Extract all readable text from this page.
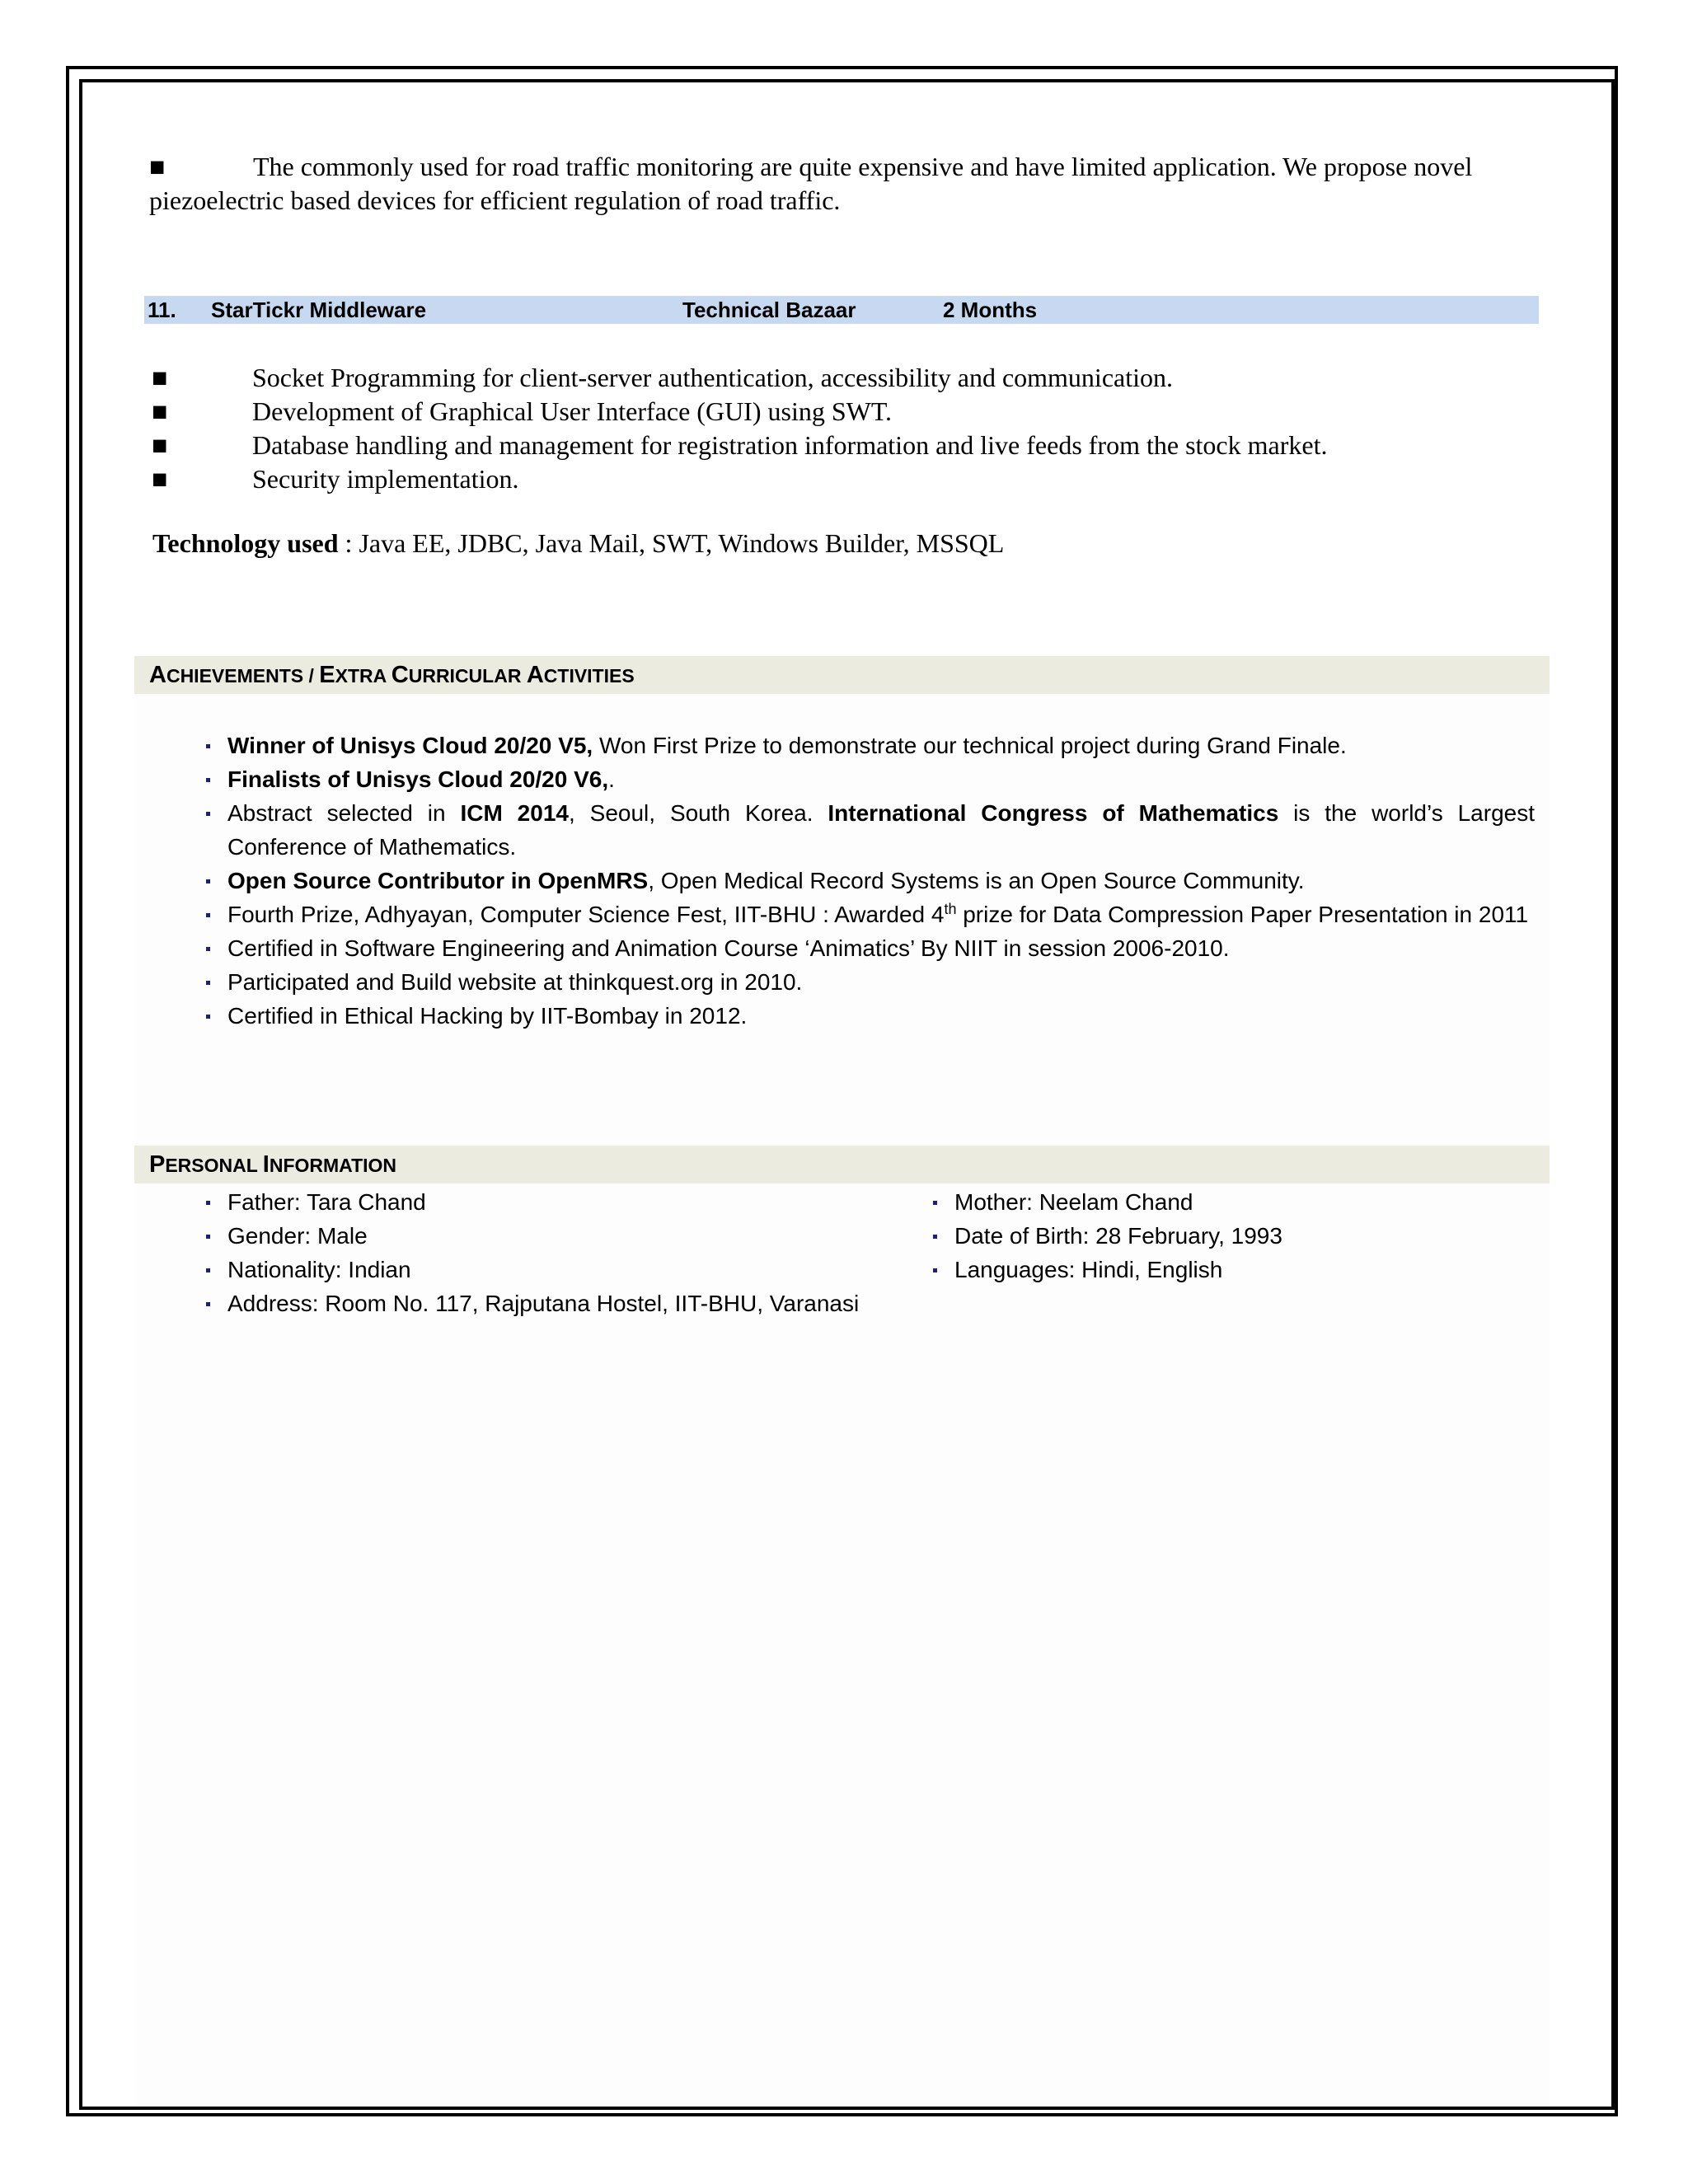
■	The commonly used for road traffic monitoring are quite expensive and have limited application. We propose novel piezoelectric based devices for efficient regulation of road traffic.
11. StarTickr Middleware	Technical Bazaar	2 Months
■	Socket Programming for client-server authentication, accessibility and communication.
■	Development of Graphical User Interface (GUI) using SWT.
■	Database handling and management for registration information and live feeds from the stock market.
■	Security implementation.
Technology used : Java EE, JDBC, Java Mail, SWT, Windows Builder, MSSQL
ACHIEVEMENTS / EXTRA CURRICULAR ACTIVITIES
Winner of Unisys Cloud 20/20 V5, Won First Prize to demonstrate our technical project during Grand Finale.
Finalists of Unisys Cloud 20/20 V6,.
Abstract selected in ICM 2014, Seoul, South Korea. International Congress of Mathematics is the world’s Largest Conference of Mathematics.
Open Source Contributor in OpenMRS, Open Medical Record Systems is an Open Source Community.
Fourth Prize, Adhyayan, Computer Science Fest, IIT-BHU : Awarded 4th prize for Data Compression Paper Presentation in 2011
Certified in Software Engineering and Animation Course ‘Animatics’ By NIIT in session 2006-2010.
Participated and Build website at thinkquest.org in 2010.
Certified in Ethical Hacking by IIT-Bombay in 2012.
PERSONAL INFORMATION
Father: Tara Chand
Gender: Male
Nationality: Indian
Address: Room No. 117, Rajputana Hostel, IIT-BHU, Varanasi
Mother: Neelam Chand
Date of Birth: 28 February, 1993
Languages: Hindi, English
